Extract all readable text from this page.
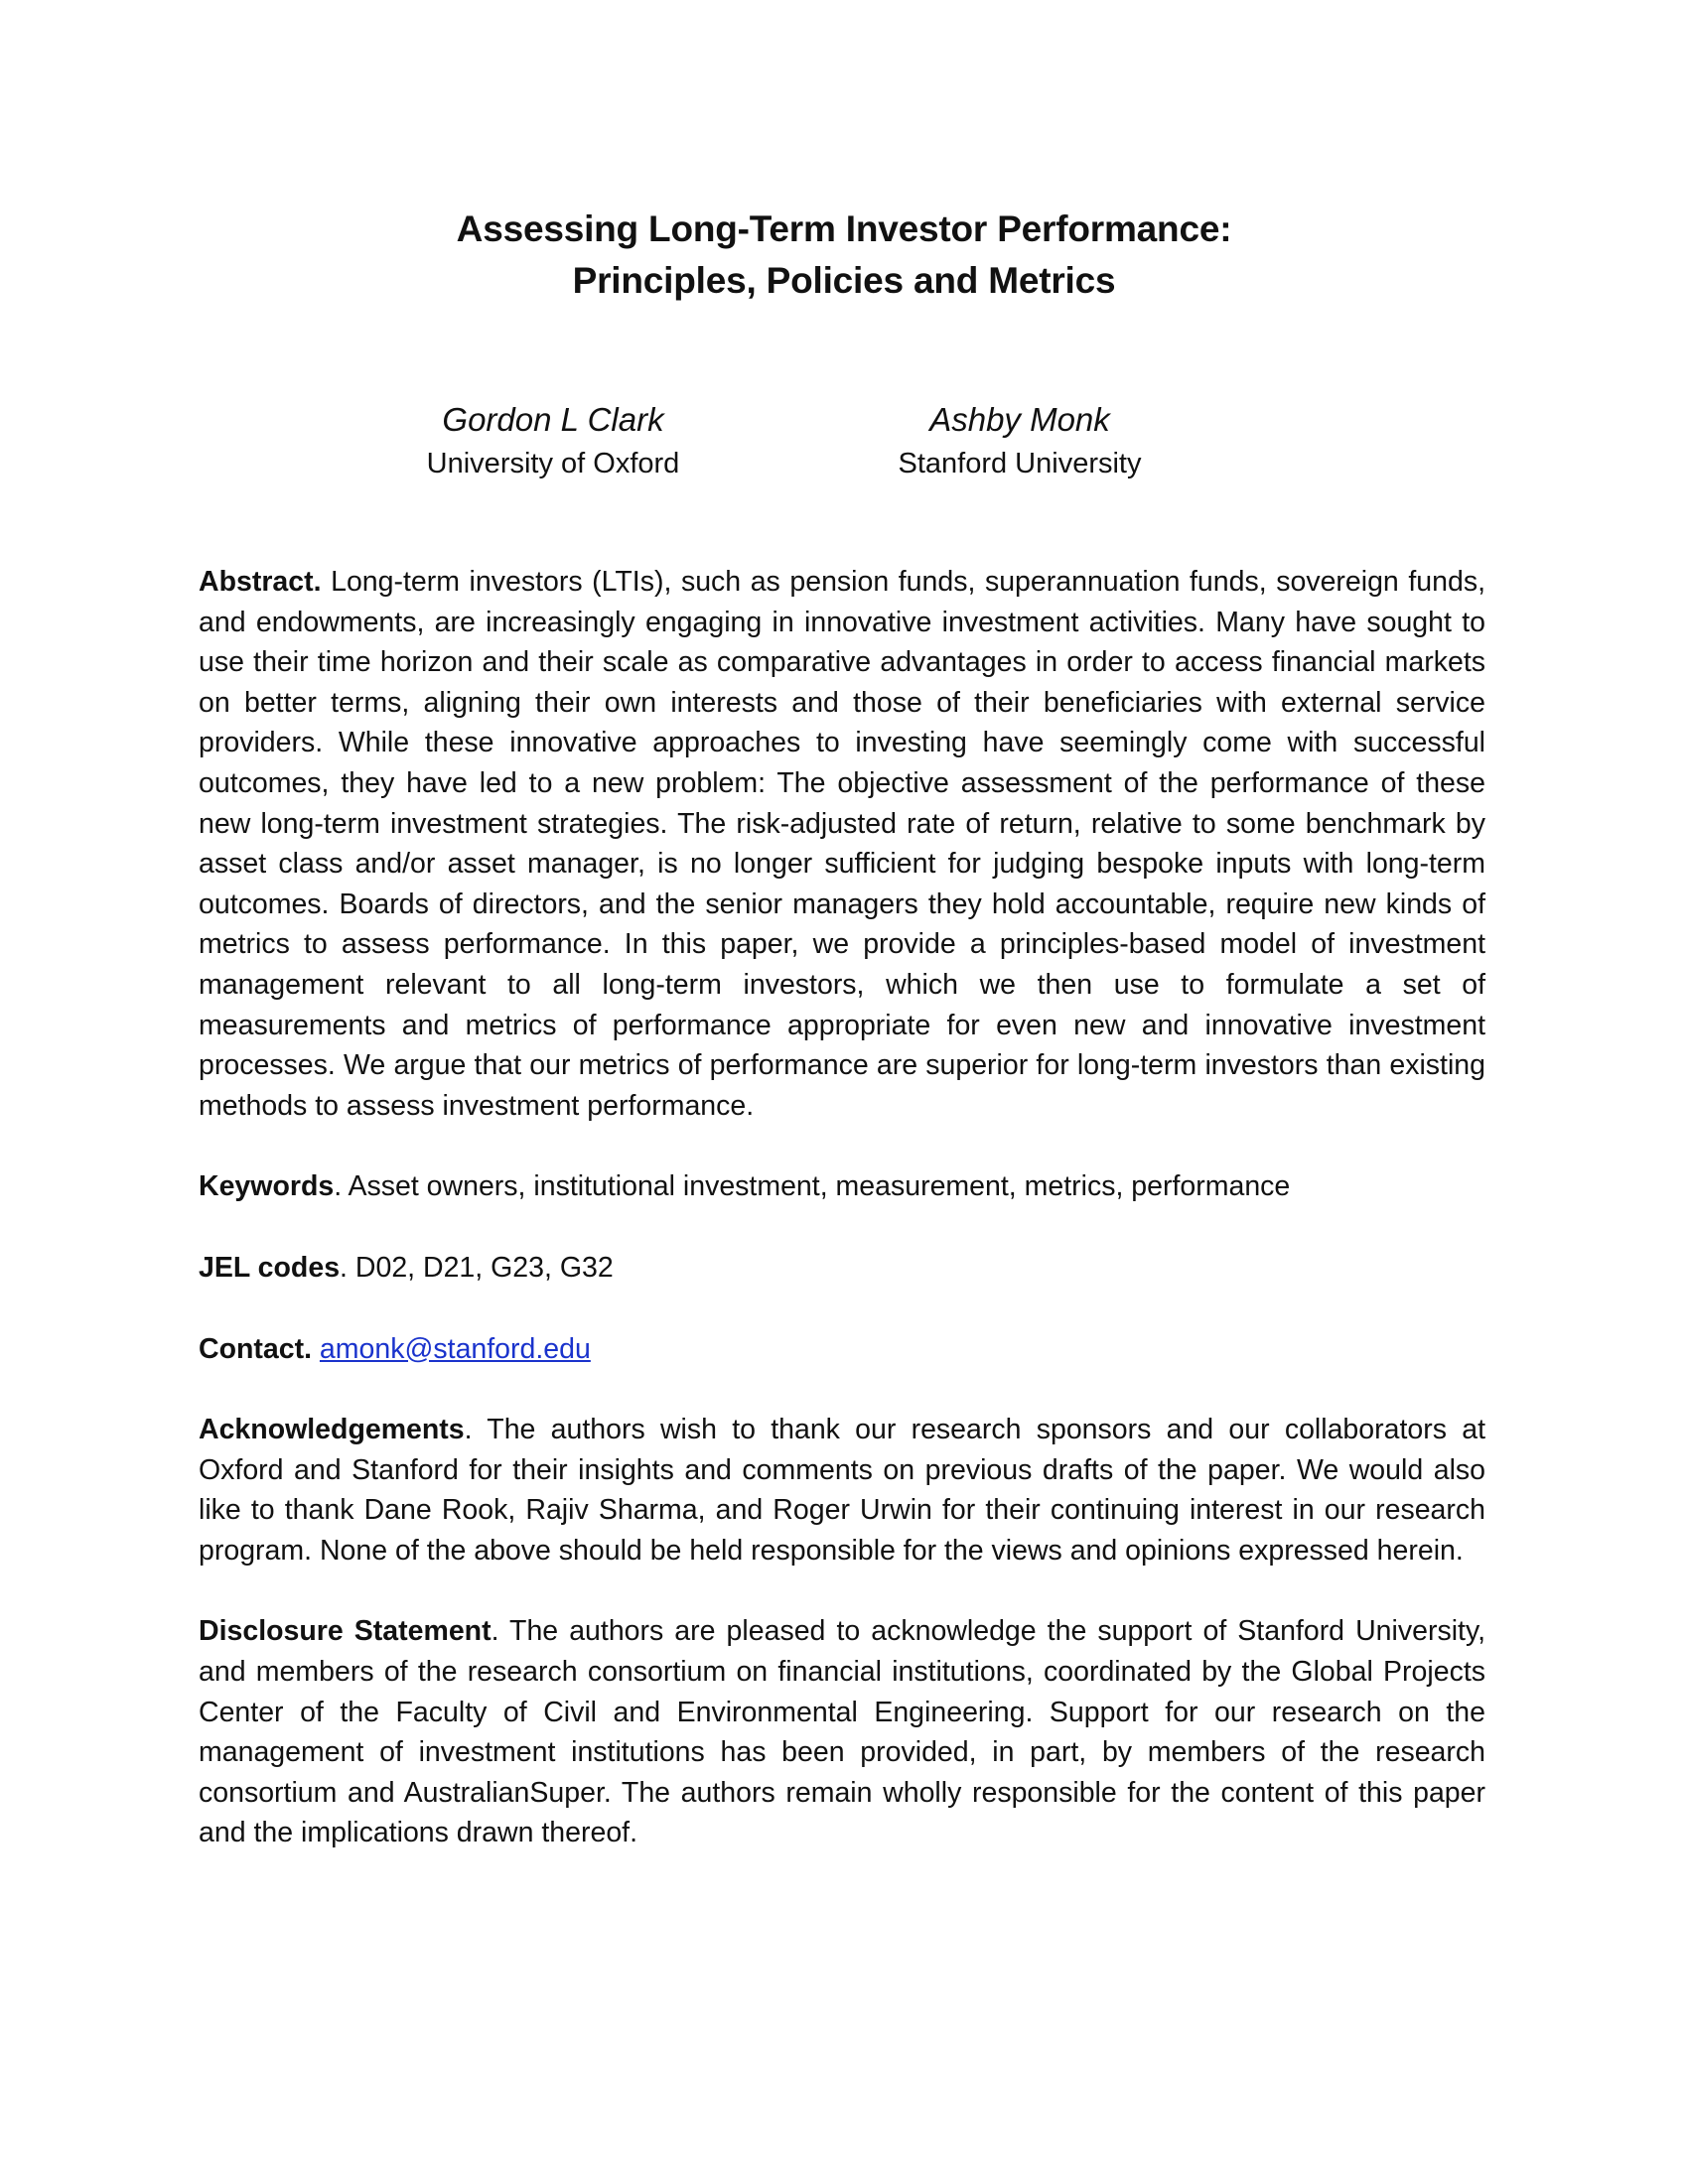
Assessing Long-Term Investor Performance:
Principles, Policies and Metrics
Gordon L Clark
University of Oxford
Ashby Monk
Stanford University

Abstract. Long-term investors (LTIs), such as pension funds, superannuation funds, sovereign funds, and endowments, are increasingly engaging in innovative investment activities. Many have sought to use their time horizon and their scale as comparative advantages in order to access financial markets on better terms, aligning their own interests and those of their beneficiaries with external service providers. While these innovative approaches to investing have seemingly come with successful outcomes, they have led to a new problem: The objective assessment of the performance of these new long-term investment strategies. The risk-adjusted rate of return, relative to some benchmark by asset class and/or asset manager, is no longer sufficient for judging bespoke inputs with long-term outcomes. Boards of directors, and the senior managers they hold accountable, require new kinds of metrics to assess performance. In this paper, we provide a principles-based model of investment management relevant to all long-term investors, which we then use to formulate a set of measurements and metrics of performance appropriate for even new and innovative investment processes. We argue that our metrics of performance are superior for long-term investors than existing methods to assess investment performance.

Keywords. Asset owners, institutional investment, measurement, metrics, performance

JEL codes. D02, D21, G23, G32

Contact. amonk@stanford.edu

Acknowledgements. The authors wish to thank our research sponsors and our collaborators at Oxford and Stanford for their insights and comments on previous drafts of the paper. We would also like to thank Dane Rook, Rajiv Sharma, and Roger Urwin for their continuing interest in our research program. None of the above should be held responsible for the views and opinions expressed herein.

Disclosure Statement. The authors are pleased to acknowledge the support of Stanford University, and members of the research consortium on financial institutions, coordinated by the Global Projects Center of the Faculty of Civil and Environmental Engineering. Support for our research on the management of investment institutions has been provided, in part, by members of the research consortium and AustralianSuper. The authors remain wholly responsible for the content of this paper and the implications drawn thereof.
